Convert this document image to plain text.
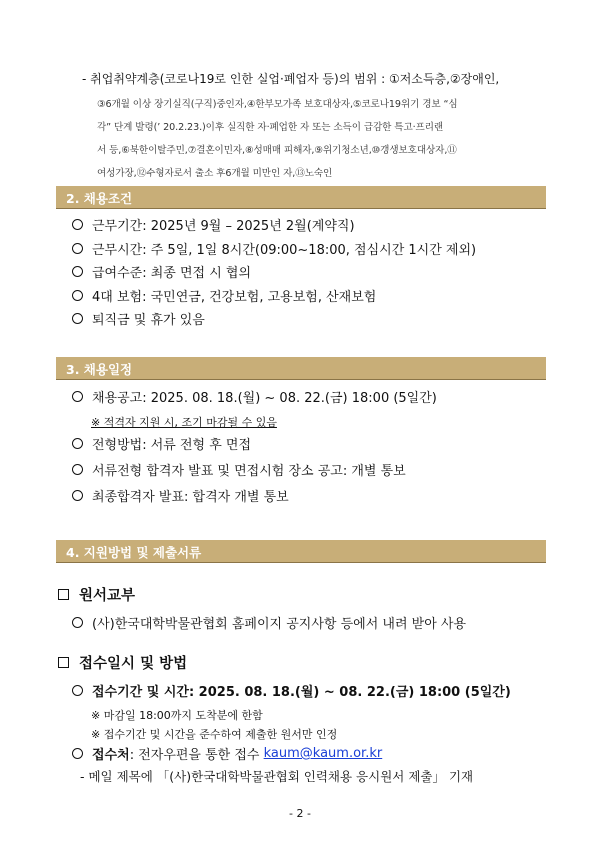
- 취업취약계층(코로나19로 인한 실업·폐업자 등)의 범위 : ①저소득층,②장애인,
③6개월 이상 장기실직(구직)중인자,④한부모가족 보호대상자,⑤코로나19위기 경보 “심
각” 단계 발령(’ 20.2.23.)이후 실직한 자·폐업한 자 또는 소득이 급감한 특고·프리랜
서 등,⑥북한이탈주민,⑦결혼이민자,⑧성매매 피해자,⑨위기청소년,⑩갱생보호대상자,⑪
여성가장,⑫수형자로서 출소 후6개월 미만인 자,⑬노숙인
2. 채용조건
근무기간: 2025년 9월 – 2025년 2월(계약직)
근무시간: 주 5일, 1일 8시간(09:00~18:00, 점심시간 1시간 제외)
급여수준: 최종 면접 시 협의
4대 보험: 국민연금, 건강보험, 고용보험, 산재보험
퇴직금 및 휴가 있음
3. 채용일정
채용공고: 2025. 08. 18.(월) ~ 08. 22.(금) 18:00 (5일간)
※ 적격자 지원 시, 조기 마감될 수 있음
전형방법: 서류 전형 후 면접
서류전형 합격자 발표 및 면접시험 장소 공고: 개별 통보
최종합격자 발표: 합격자 개별 통보
4. 지원방법 및 제출서류
원서교부
(사)한국대학박물관협회 홈페이지 공지사항 등에서 내려 받아 사용
접수일시 및 방법
접수기간 및 시간: 2025. 08. 18.(월) ~ 08. 22.(금) 18:00 (5일간)
※ 마감일 18:00까지 도착분에 한함
※ 접수기간 및 시간을 준수하여 제출한 원서만 인정
접수처 : 전자우편을 통한 접수 kaum@kaum.or.kr
- 메일 제목에 「(사)한국대학박물관협회 인력채용 응시원서 제출」 기재
- 2 -
